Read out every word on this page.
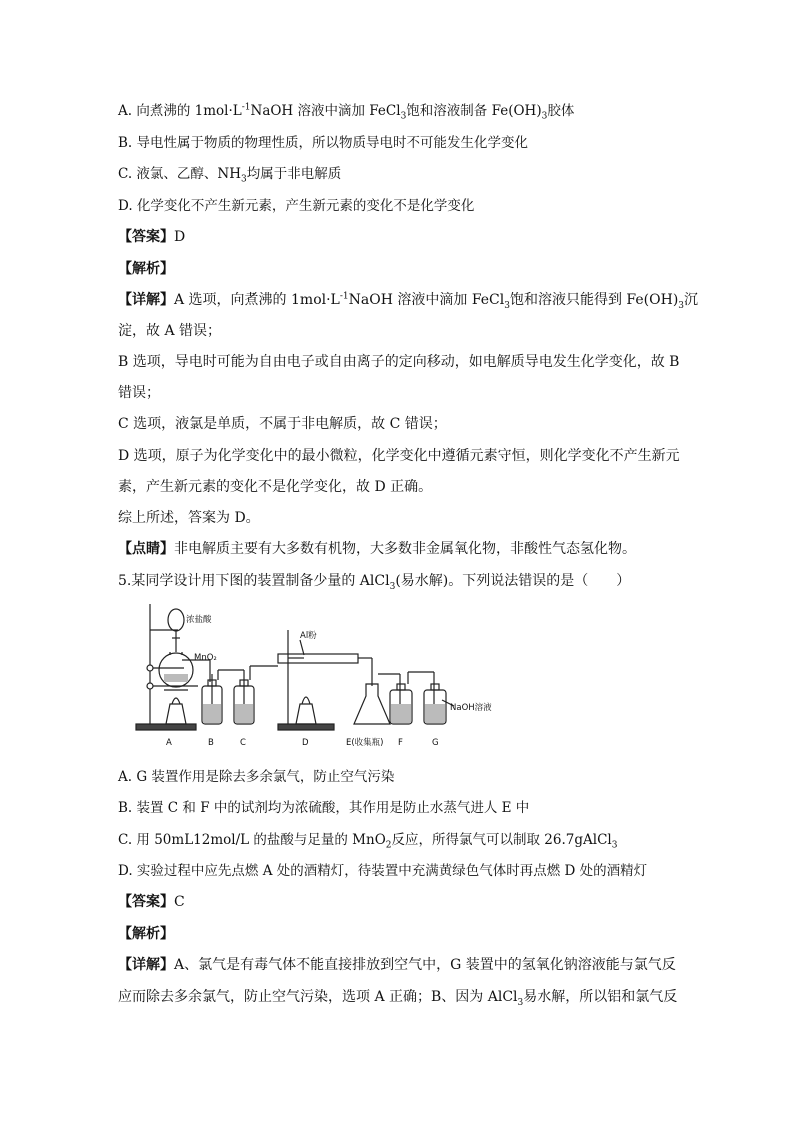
A. 向煮沸的 $1mol\cdot L^{-1}NaOH$ 溶液中滴加 FeCl$_3$饱和溶液制备 $Fe(OH)_3$胶体
B. 导电性属于物质的物理性质，所以物质导电时不可能发生化学变化
C. 液氯、乙醇、$NH_3$均属于非电解质
D. 化学变化不产生新元素，产生新元素的变化不是化学变化
【答案】D
【解析】
【详解】A 选项，向煮沸的 $1mol\cdot L^{-1}NaOH$ 溶液中滴加 FeCl$_3$饱和溶液只能得到 $Fe(OH)_3$沉
淀，故 A 错误；
B 选项，导电时可能为自由电子或自由离子的定向移动，如电解质导电发生化学变化，故 B
错误；
C 选项，液氯是单质，不属于非电解质，故 C 错误；
D 选项，原子为化学变化中的最小微粒，化学变化中遵循元素守恒，则化学变化不产生新元
素，产生新元素的变化不是化学变化，故 D 正确。
综上所述，答案为 D。
【点睛】非电解质主要有大多数有机物，大多数非金属氧化物，非酸性气态氢化物。
5.某同学设计用下图的装置制备少量的 AlCl$_3$(易水解)。下列说法错误的是（　　）
浓盐酸
MnO₂
Al粉
NaOH溶液
A	B	C	D	E(收集瓶) F	G
A. G 装置作用是除去多余氯气，防止空气污染
B. 装置 C 和 F 中的试剂均为浓硫酸，其作用是防止水蒸气进人 E 中
C. 用 50mL12mol/L 的盐酸与足量的 MnO$_2$反应，所得氯气可以制取 26.7gAlCl$_3$
D. 实验过程中应先点燃 A 处的酒精灯，待装置中充满黄绿色气体时再点燃 D 处的酒精灯
【答案】C
【解析】
【详解】A、氯气是有毒气体不能直接排放到空气中，G 装置中的氢氧化钠溶液能与氯气反
应而除去多余氯气，防止空气污染，选项 A 正确；B、因为 AlCl$_3$易水解，所以铝和氯气反
